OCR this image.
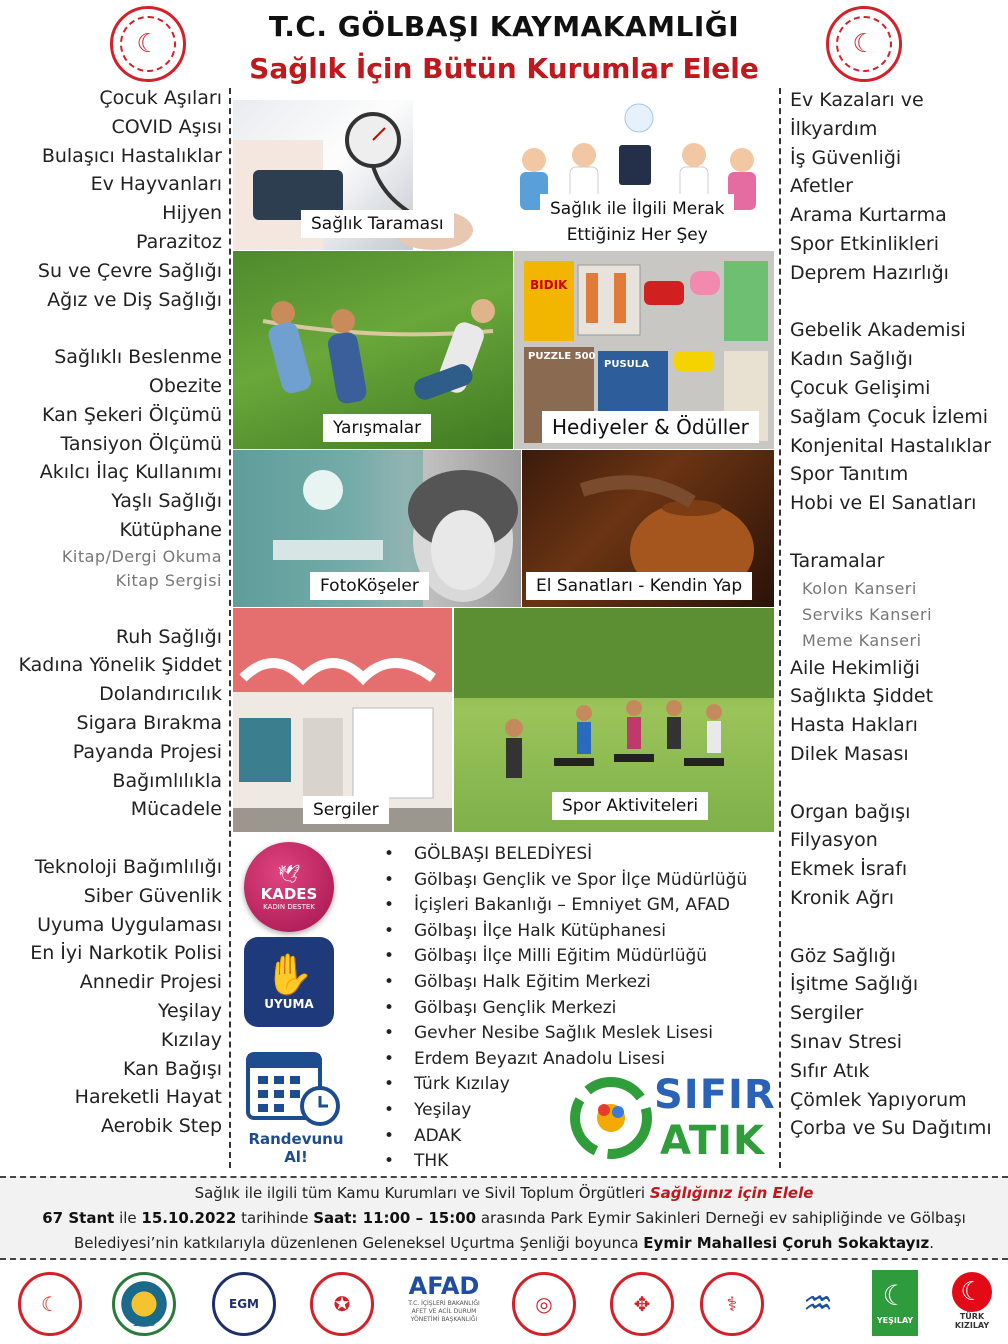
☾	☾
T.C. GÖLBAŞI KAYMAKAMLIĞI
Sağlık İçin Bütün Kurumlar Elele
Çocuk Aşıları
COVID Aşısı
Bulaşıcı Hastalıklar
Ev Hayvanları
Hijyen
Parazitoz
Su ve Çevre Sağlığı
Ağız ve Diş Sağlığı
Sağlıklı Beslenme
Obezite
Kan Şekeri Ölçümü
Tansiyon Ölçümü
Akılcı İlaç Kullanımı
Yaşlı Sağlığı
Kütüphane
Kitap/Dergi Okuma
Kitap Sergisi
Ruh Sağlığı
Kadına Yönelik Şiddet
Dolandırıcılık
Sigara Bırakma
Payanda Projesi
Bağımlılıkla
Mücadele
Teknoloji Bağımlılığı
Siber Güvenlik
Uyuma Uygulaması
En İyi Narkotik Polisi
Annedir Projesi
Yeşilay
Kızılay
Kan Bağışı
Hareketli Hayat
Aerobik Step
Ev Kazaları ve
İlkyardım
İş Güvenliği
Afetler
Arama Kurtarma
Spor Etkinlikleri
Deprem Hazırlığı
Gebelik Akademisi
Kadın Sağlığı
Çocuk Gelişimi
Sağlam Çocuk İzlemi
Konjenital Hastalıklar
Spor Tanıtım
Hobi ve El Sanatları
Taramalar
Kolon Kanseri
Serviks Kanseri
Meme Kanseri
Aile Hekimliği
Sağlıkta Şiddet
Hasta Hakları
Dilek Masası
Organ bağışı
Filyasyon
Ekmek İsrafı
Kronik Ağrı
Göz Sağlığı
İşitme Sağlığı
Sergiler
Sınav Stresi
Sıfır Atık
Çömlek Yapıyorum
Çorba ve Su Dağıtımı
Sağlık Taraması
Sağlık ile İlgili Merak
Ettiğiniz Her Şey
Yarışmalar
BIDIK
PUZZLE 500
PUSULA
Hediyeler & Ödüller
FotoKöşeler	El Sanatları - Kendin Yap
Sergiler	Spor Aktiviteleri
🕊
KADES
KADIN DESTEK
✋
UYUMA
Randevunu Al!
• GÖLBAŞI BELEDİYESİ
• Gölbaşı Gençlik ve Spor İlçe Müdürlüğü
• İçişleri Bakanlığı – Emniyet GM, AFAD
• Gölbaşı İlçe Halk Kütüphanesi
• Gölbaşı İlçe Milli Eğitim Müdürlüğü
• Gölbaşı Halk Eğitim Merkezi
• Gölbaşı Gençlik Merkezi
• Gevher Nesibe Sağlık Meslek Lisesi
• Erdem Beyazıt Anadolu Lisesi
• Türk Kızılay
• Yeşilay
• ADAK
• THK
SIFIR
ATIK
Sağlık ile ilgili tüm Kamu Kurumları ve Sivil Toplum Örgütleri Sağlığınız için Elele
67 Stant ile 15.10.2022 tarihinde Saat: 11:00 – 15:00 arasında Park Eymir Sakinleri Derneği ev sahipliğinde ve Gölbaşı
Belediyesi’nin katkılarıyla düzenlenen Geleneksel Uçurtma Şenliği boyunca Eymir Mahallesi Çoruh Sokaktayız.
☾
1965
EGM	✪
AFAD
T.C. İÇİŞLERİ BAKANLIĞI AFET VE ACİL DURUM YÖNETİMİ BAŞKANLIĞI
◎	✥	⚕	♒	☾
YEŞILAY
☾
TÜRK KIZILAY
